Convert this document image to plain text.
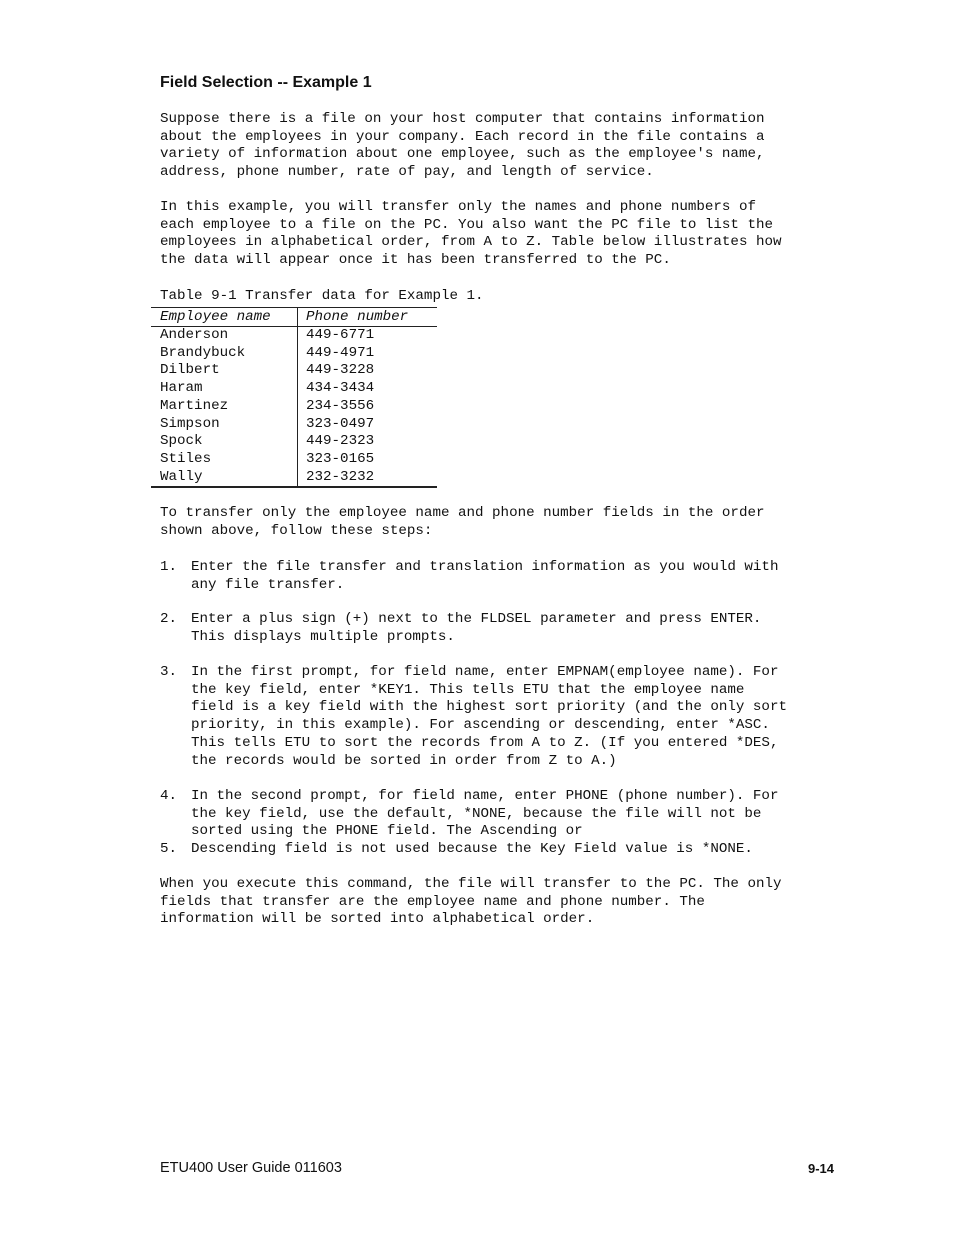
Field Selection -- Example 1

Suppose there is a file on your host computer that contains information
about the employees in your company. Each record in the file contains a
variety of information about one employee, such as the employee's name,
address, phone number, rate of pay, and length of service.

In this example, you will transfer only the names and phone numbers of
each employee to a file on the PC. You also want the PC file to list the
employees in alphabetical order, from A to Z. Table below illustrates how
the data will appear once it has been transferred to the PC.

Table 9-1 Transfer data for Example 1.

Employee name	Phone number
Anderson
Brandybuck
Dilbert
Haram
Martinez
Simpson
Spock
Stiles
Wally
449-6771
449-4971
449-3228
434-3434
234-3556
323-0497
449-2323
323-0165
232-3232

To transfer only the employee name and phone number fields in the order
shown above, follow these steps:

1. Enter the file transfer and translation information as you would with
any file transfer.
2. Enter a plus sign (+) next to the FLDSEL parameter and press ENTER.
This displays multiple prompts.
3. In the first prompt, for field name, enter EMPNAM(employee name). For
the key field, enter *KEY1. This tells ETU that the employee name
field is a key field with the highest sort priority (and the only sort
priority, in this example). For ascending or descending, enter *ASC.
This tells ETU to sort the records from A to Z. (If you entered *DES,
the records would be sorted in order from Z to A.)
4. In the second prompt, for field name, enter PHONE (phone number). For
the key field, use the default, *NONE, because the file will not be
sorted using the PHONE field. The Ascending or
5. Descending field is not used because the Key Field value is *NONE.

When you execute this command, the file will transfer to the PC. The only
fields that transfer are the employee name and phone number. The
information will be sorted into alphabetical order.

ETU400 User Guide 011603	9-14
